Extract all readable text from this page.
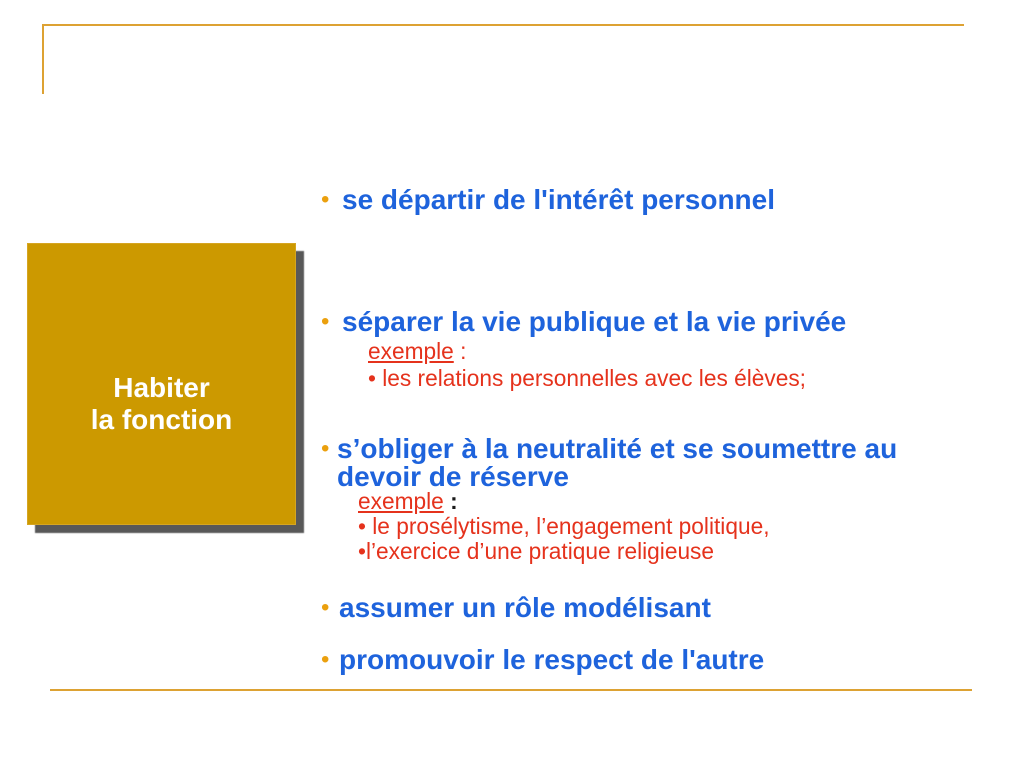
Habiter
la fonction
• se départir de l'intérêt personnel
• séparer la vie publique et la vie privée
exemple :
• les relations personnelles avec les élèves;
• s’obliger à la neutralité et se soumettre au devoir de réserve
exemple :
• le prosélytisme, l’engagement politique,
•l’exercice d’une pratique religieuse
• assumer un rôle modélisant
• promouvoir le respect de l'autre
